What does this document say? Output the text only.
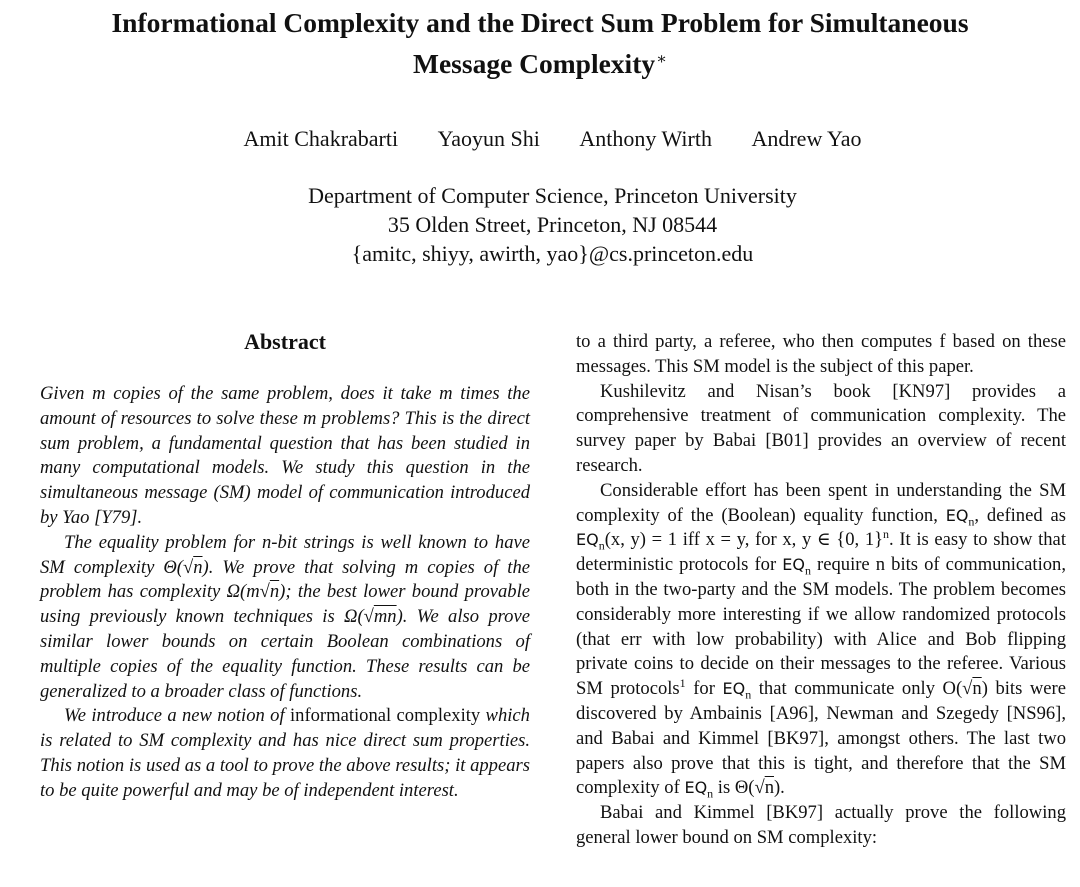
Informational Complexity and the Direct Sum Problem for Simultaneous
Message Complexity∗
Amit Chakrabarti Yaoyun Shi Anthony Wirth Andrew Yao
Department of Computer Science, Princeton University
35 Olden Street, Princeton, NJ 08544
{amitc, shiyy, awirth, yao}@cs.princeton.edu
Abstract

Given m copies of the same problem, does it take m times the amount of resources to solve these m problems? This is the direct sum problem, a fundamental question that has been studied in many computational models. We study this question in the simultaneous message (SM) model of communication introduced by Yao [Y79].

The equality problem for n-bit strings is well known to have SM complexity Θ(√n). We prove that solving m copies of the problem has complexity Ω(m√n); the best lower bound provable using previously known techniques is Ω(√mn). We also prove similar lower bounds on certain Boolean combinations of multiple copies of the equality function. These results can be generalized to a broader class of functions.

We introduce a new notion of informational complexity which is related to SM complexity and has nice direct sum properties. This notion is used as a tool to prove the above results; it appears to be quite powerful and may be of independent interest.

to a third party, a referee, who then computes f based on these messages. This SM model is the subject of this paper.

Kushilevitz and Nisan’s book [KN97] provides a comprehensive treatment of communication complexity. The survey paper by Babai [B01] provides an overview of recent research.

Considerable effort has been spent in understanding the SM complexity of the (Boolean) equality function, $EQ_n$, defined as $EQ_n(x$, y) = 1 iff x = y, for x, y ∈ {0, 1}$^n$. It is easy to show that deterministic protocols for $EQ_n$ require n bits of communication, both in the two-party and the SM models. The problem becomes considerably more interesting if we allow randomized protocols (that err with low probability) with Alice and Bob flipping private coins to decide on their messages to the referee. Various SM protocols$^1$ for $EQ_n$ that communicate only O(√n) bits were discovered by Ambainis [A96], Newman and Szegedy [NS96], and Babai and Kimmel [BK97], amongst others. The last two papers also prove that this is tight, and therefore that the SM complexity of $EQ_n$ is Θ(√n).

Babai and Kimmel [BK97] actually prove the following general lower bound on SM complexity:
